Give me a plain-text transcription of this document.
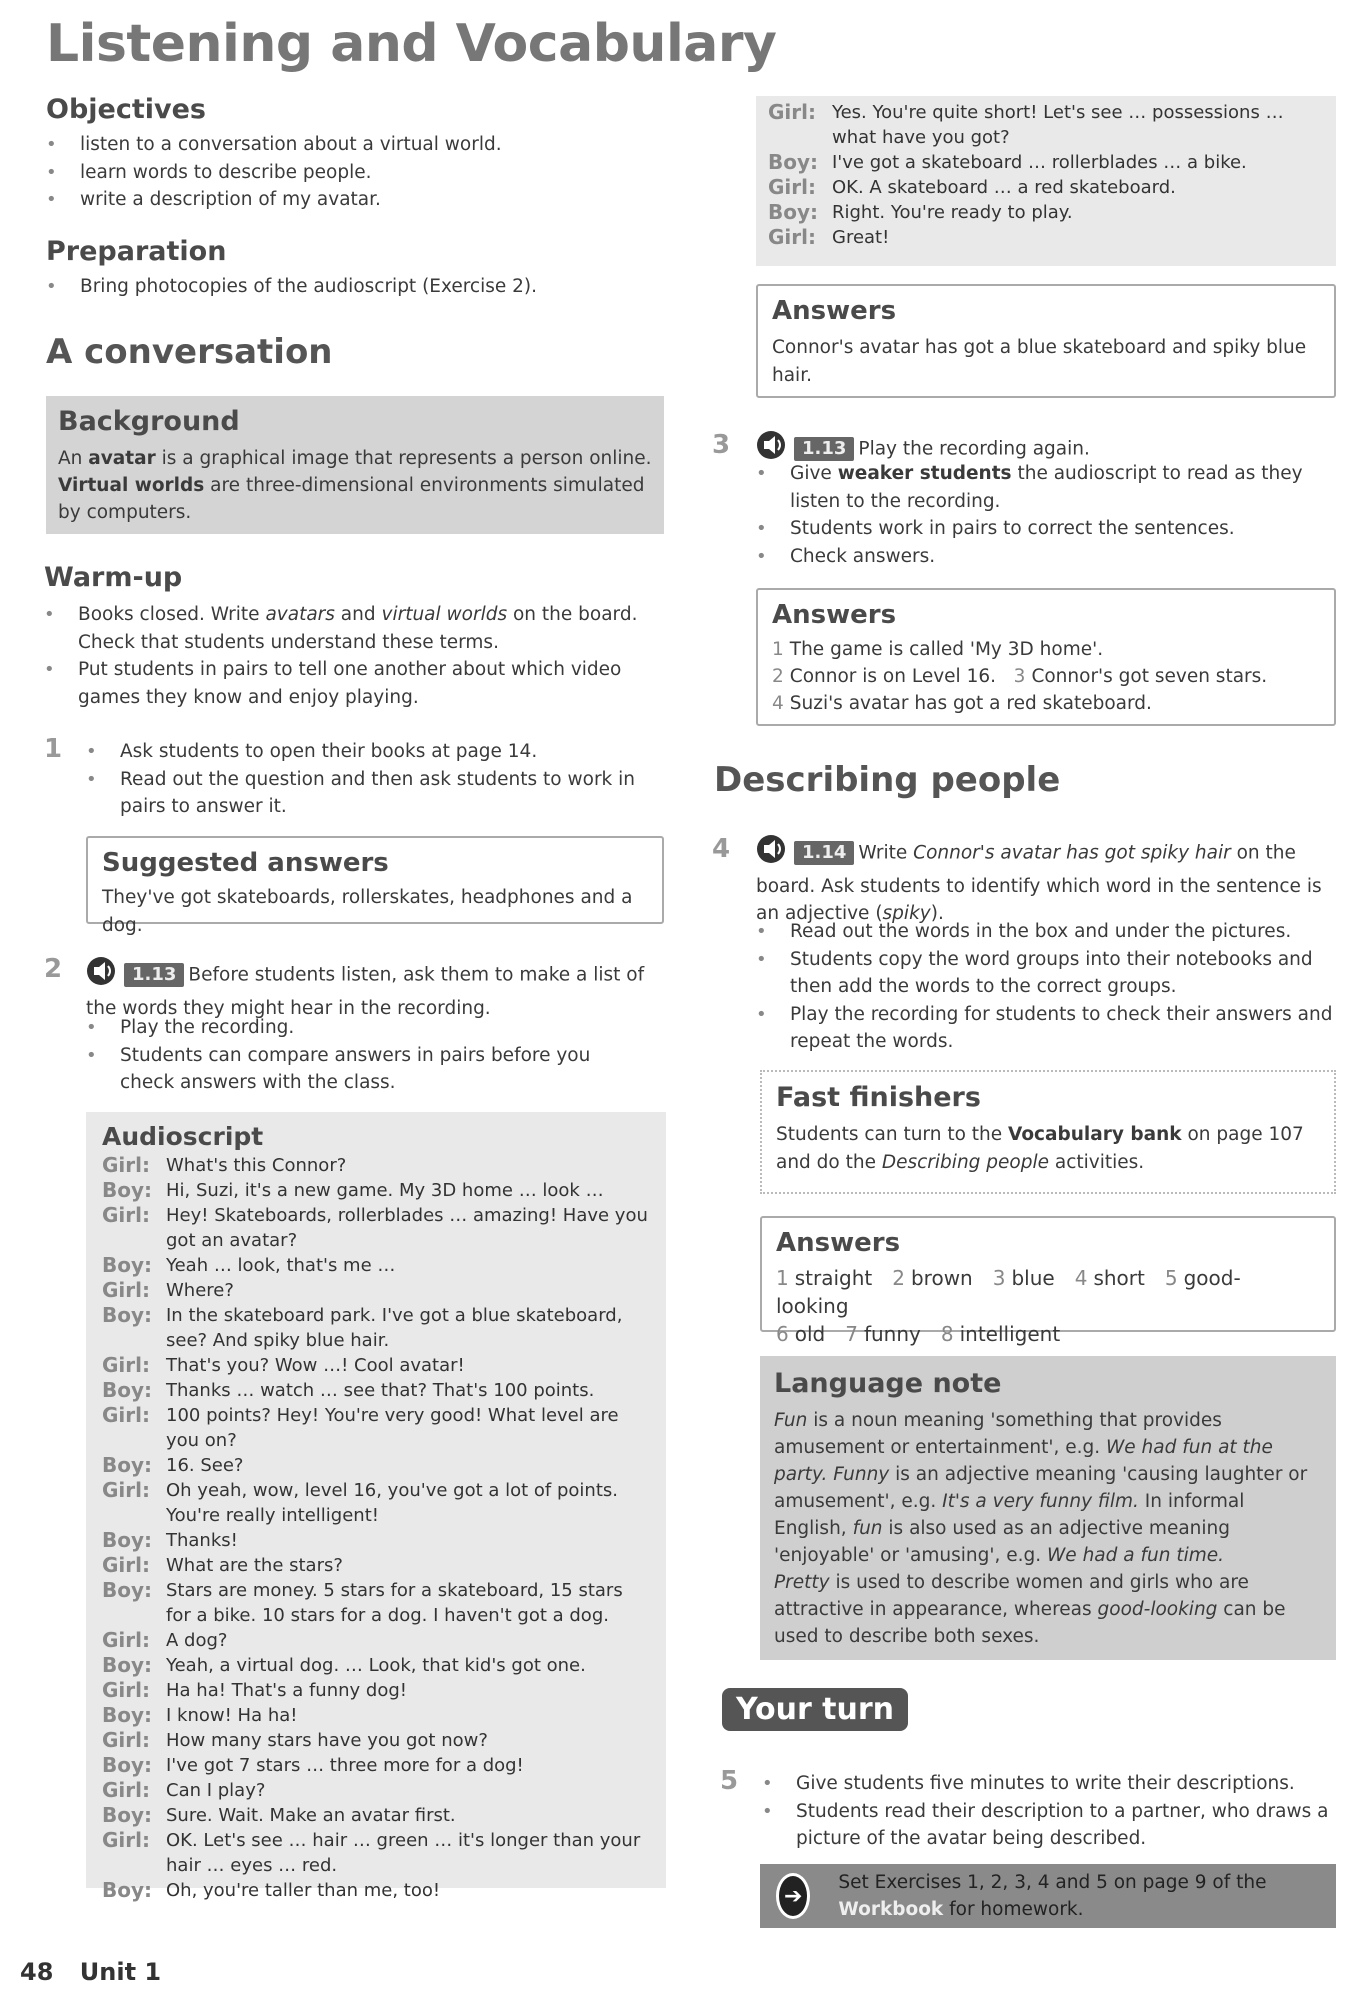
Listening and Vocabulary
Objectives
• listen to a conversation about a virtual world.
• learn words to describe people.
• write a description of my avatar.
Preparation
• Bring photocopies of the audioscript (Exercise 2).
A conversation
Background
An avatar is a graphical image that represents a person online. Virtual worlds are three-dimensional environments simulated by computers.
Warm-up
• Books closed. Write avatars and virtual worlds on the board. Check that students understand these terms.
• Put students in pairs to tell one another about which video games they know and enjoy playing.
1	• Ask students to open their books at page 14.
• Read out the question and then ask students to work in pairs to answer it.
Suggested answers
They've got skateboards, rollerskates, headphones and a dog.
2	1.13 Before students listen, ask them to make a list of the words they might hear in the recording.
• Play the recording.
• Students can compare answers in pairs before you check answers with the class.
Audioscript
Girl: What's this Connor?
Boy: Hi, Suzi, it's a new game. My 3D home … look …
Girl: Hey! Skateboards, rollerblades … amazing! Have you got an avatar?
Boy: Yeah … look, that's me …
Girl: Where?
Boy: In the skateboard park. I've got a blue skateboard, see? And spiky blue hair.
Girl: That's you? Wow …! Cool avatar!
Boy: Thanks … watch … see that? That's 100 points.
Girl: 100 points? Hey! You're very good! What level are you on?
Boy: 16. See?
Girl: Oh yeah, wow, level 16, you've got a lot of points. You're really intelligent!
Boy: Thanks!
Girl: What are the stars?
Boy: Stars are money. 5 stars for a skateboard, 15 stars for a bike. 10 stars for a dog. I haven't got a dog.
Girl: A dog?
Boy: Yeah, a virtual dog. … Look, that kid's got one.
Girl: Ha ha! That's a funny dog!
Boy: I know! Ha ha!
Girl: How many stars have you got now?
Boy: I've got 7 stars … three more for a dog!
Girl: Can I play?
Boy: Sure. Wait. Make an avatar first.
Girl: OK. Let's see … hair … green … it's longer than your hair … eyes … red.
Boy: Oh, you're taller than me, too!
48 Unit 1
Girl: Yes. You're quite short! Let's see … possessions … what have you got?
Boy: I've got a skateboard … rollerblades … a bike.
Girl: OK. A skateboard … a red skateboard.
Boy: Right. You're ready to play.
Girl: Great!
Answers
Connor's avatar has got a blue skateboard and spiky blue hair.
3	1.13 Play the recording again.
• Give weaker students the audioscript to read as they listen to the recording.
• Students work in pairs to correct the sentences.
• Check answers.
Answers
1 The game is called 'My 3D home'.
2 Connor is on Level 16. 3 Connor's got seven stars.
4 Suzi's avatar has got a red skateboard.
Describing people
4	1.14 Write Connor's avatar has got spiky hair on the board. Ask students to identify which word in the sentence is an adjective (spiky).
• Read out the words in the box and under the pictures.
• Students copy the word groups into their notebooks and then add the words to the correct groups.
• Play the recording for students to check their answers and repeat the words.
Fast finishers
Students can turn to the Vocabulary bank on page 107 and do the Describing people activities.
Answers
1 straight 2 brown 3 blue 4 short 5 good-looking
6 old 7 funny 8 intelligent
Language note
Fun is a noun meaning 'something that provides amusement or entertainment', e.g. We had fun at the party. Funny is an adjective meaning 'causing laughter or amusement', e.g. It's a very funny film. In informal English, fun is also used as an adjective meaning 'enjoyable' or 'amusing', e.g. We had a fun time.
Pretty is used to describe women and girls who are attractive in appearance, whereas good-looking can be used to describe both sexes.
Your turn
5	• Give students five minutes to write their descriptions.
• Students read their description to a partner, who draws a picture of the avatar being described.
➔
Set Exercises 1, 2, 3, 4 and 5 on page 9 of the Workbook for homework.
